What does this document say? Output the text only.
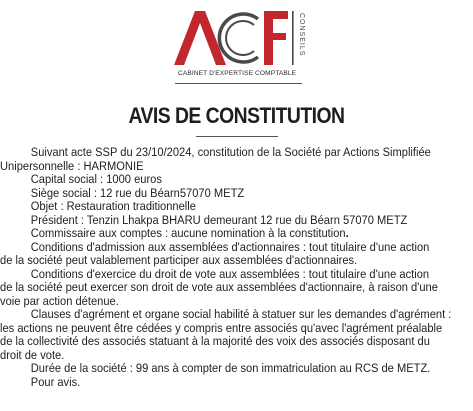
CONSEILS
CABINET D'EXPERTISE COMPTABLE
AVIS DE CONSTITUTION
Suivant acte SSP du 23/10/2024, constitution de la Société par Actions Simplifiée
Unipersonnelle : HARMONIE
Capital social : 1000 euros
Siège social : 12 rue du Béarn57070 METZ
Objet : Restauration traditionnelle
Président : Tenzin Lhakpa BHARU demeurant 12 rue du Béarn 57070 METZ
Commissaire aux comptes : aucune nomination à la constitution.
Conditions d'admission aux assemblées d'actionnaires : tout titulaire d'une action
de la société peut valablement participer aux assemblées d'actionnaires.
Conditions d'exercice du droit de vote aux assemblées : tout titulaire d'une action
de la société peut exercer son droit de vote aux assemblées d'actionnaire, à raison d'une
voie par action détenue.
Clauses d'agrément et organe social habilité à statuer sur les demandes d'agrément :
les actions ne peuvent être cédées y compris entre associés qu'avec l'agrément préalable
de la collectivité des associés statuant à la majorité des voix des associés disposant du
droit de vote.
Durée de la société : 99 ans à compter de son immatriculation au RCS de METZ.
Pour avis.
